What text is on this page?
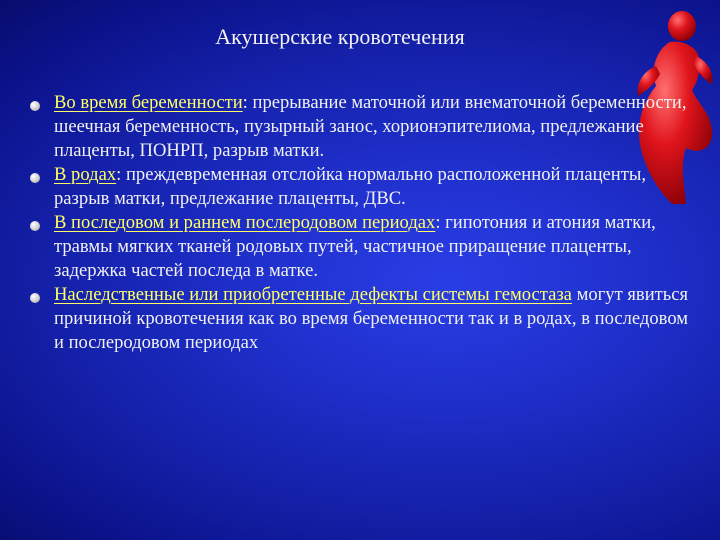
Акушерские кровотечения
Во время беременности: прерывание маточной или внематочной беременности, шеечная беременность, пузырный занос, хорионэпителиома, предлежание плаценты, ПОНРП, разрыв матки.
В родах: преждевременная отслойка нормально расположенной плаценты, разрыв матки, предлежание плаценты, ДВС.
В последовом и раннем послеродовом периодах: гипотония и атония матки, травмы мягких тканей родовых путей, частичное приращение плаценты, задержка частей последа в матке.
Наследственные или приобретенные дефекты системы гемостаза могут явиться причиной кровотечения как во время беременности так и в родах, в последовом и послеродовом периодах
